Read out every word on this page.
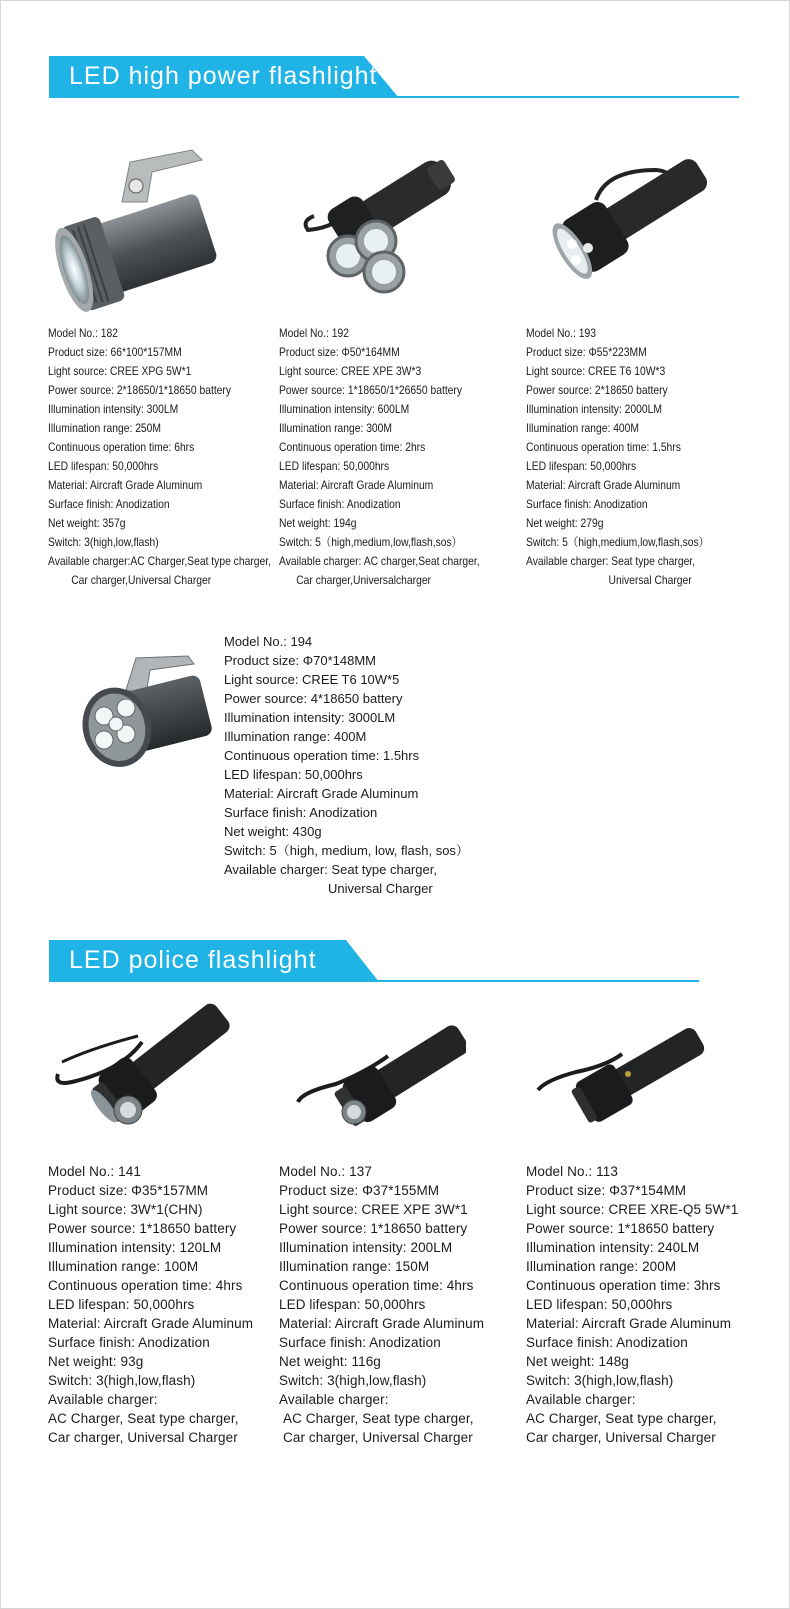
LED high power flashlight
Model No.: 182
Product size: 66*100*157MM
Light source: CREE XPG 5W*1
Power source: 2*18650/1*18650 battery
Illumination intensity: 300LM
Illumination range: 250M
Continuous operation time: 6hrs
LED lifespan: 50,000hrs
Material: Aircraft Grade Aluminum
Surface finish: Anodization
Net weight: 357g
Switch: 3(high,low,flash)
Available charger:AC Charger,Seat type charger,
Car charger,Universal Charger
Model No.: 192
Product size: Φ50*164MM
Light source: CREE XPE 3W*3
Power source: 1*18650/1*26650 battery
Illumination intensity: 600LM
Illumination range: 300M
Continuous operation time: 2hrs
LED lifespan: 50,000hrs
Material: Aircraft Grade Aluminum
Surface finish: Anodization
Net weight: 194g
Switch: 5（high,medium,low,flash,sos）
Available charger: AC charger,Seat charger,
Car charger,Universalcharger
Model No.: 193
Product size: Φ55*223MM
Light source: CREE T6 10W*3
Power source: 2*18650 battery
Illumination intensity: 2000LM
Illumination range: 400M
Continuous operation time: 1.5hrs
LED lifespan: 50,000hrs
Material: Aircraft Grade Aluminum
Surface finish: Anodization
Net weight: 279g
Switch: 5（high,medium,low,flash,sos）
Available charger: Seat type charger,
Universal Charger
Model No.: 194
Product size: Φ70*148MM
Light source: CREE T6 10W*5
Power source: 4*18650 battery
Illumination intensity: 3000LM
Illumination range: 400M
Continuous operation time: 1.5hrs
LED lifespan: 50,000hrs
Material: Aircraft Grade Aluminum
Surface finish: Anodization
Net weight: 430g
Switch: 5（high, medium, low, flash, sos）
Available charger: Seat type charger,
Universal Charger
LED police flashlight
Model No.: 141
Product size: Φ35*157MM
Light source: 3W*1(CHN)
Power source: 1*18650 battery
Illumination intensity: 120LM
Illumination range: 100M
Continuous operation time: 4hrs
LED lifespan: 50,000hrs
Material: Aircraft Grade Aluminum
Surface finish: Anodization
Net weight: 93g
Switch: 3(high,low,flash)
Available charger:
AC Charger, Seat type charger,
Car charger, Universal Charger
Model No.: 137
Product size: Φ37*155MM
Light source: CREE XPE 3W*1
Power source: 1*18650 battery
Illumination intensity: 200LM
Illumination range: 150M
Continuous operation time: 4hrs
LED lifespan: 50,000hrs
Material: Aircraft Grade Aluminum
Surface finish: Anodization
Net weight: 116g
Switch: 3(high,low,flash)
Available charger:
AC Charger, Seat type charger,
Car charger, Universal Charger
Model No.: 113
Product size: Φ37*154MM
Light source: CREE XRE-Q5 5W*1
Power source: 1*18650 battery
Illumination intensity: 240LM
Illumination range: 200M
Continuous operation time: 3hrs
LED lifespan: 50,000hrs
Material: Aircraft Grade Aluminum
Surface finish: Anodization
Net weight: 148g
Switch: 3(high,low,flash)
Available charger:
AC Charger, Seat type charger,
Car charger, Universal Charger
